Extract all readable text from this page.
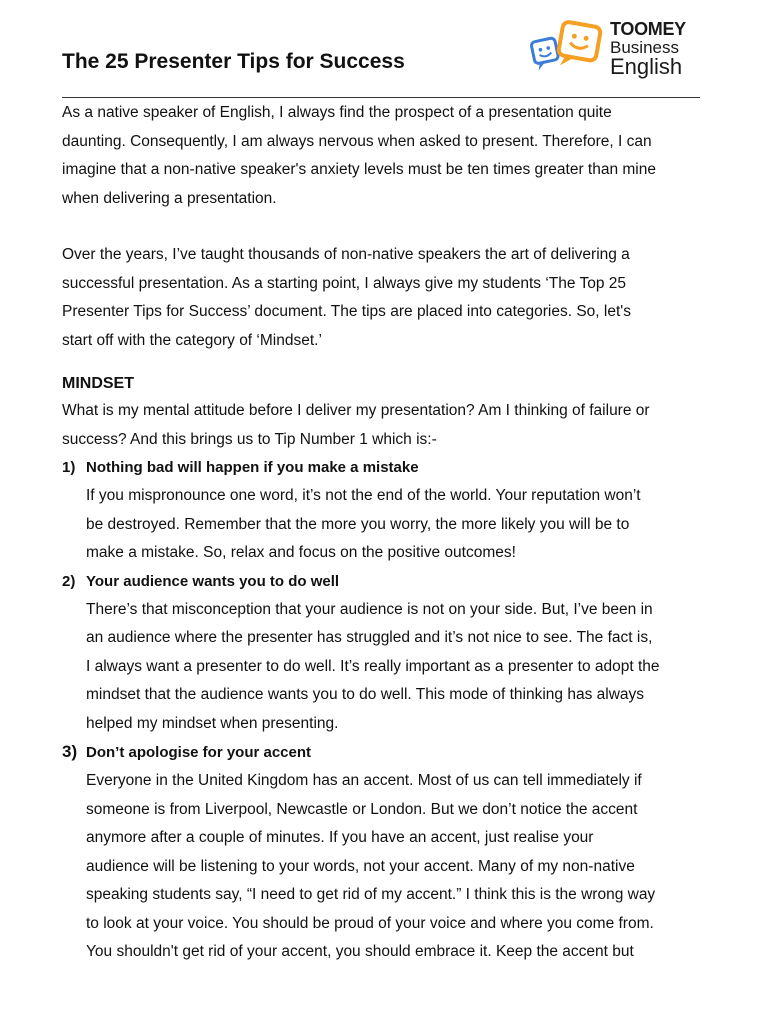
The 25 Presenter Tips for Success
TOOMEY
Business
English

As a native speaker of English, I always find the prospect of a presentation quite

daunting. Consequently, I am always nervous when asked to present. Therefore, I can

imagine that a non-native speaker's anxiety levels must be ten times greater than mine

when delivering a presentation.

Over the years, I’ve taught thousands of non-native speakers the art of delivering a

successful presentation. As a starting point, I always give my students ‘The Top 25

Presenter Tips for Success’ document. The tips are placed into categories. So, let's

start off with the category of ‘Mindset.’

MINDSET

What is my mental attitude before I deliver my presentation? Am I thinking of failure or

success? And this brings us to Tip Number 1 which is:-

1) Nothing bad will happen if you make a mistake

If you mispronounce one word, it’s not the end of the world. Your reputation won’t

be destroyed. Remember that the more you worry, the more likely you will be to

make a mistake. So, relax and focus on the positive outcomes!

2) Your audience wants you to do well

There’s that misconception that your audience is not on your side. But, I’ve been in

an audience where the presenter has struggled and it’s not nice to see. The fact is,

I always want a presenter to do well. It’s really important as a presenter to adopt the

mindset that the audience wants you to do well. This mode of thinking has always

helped my mindset when presenting.

3) Don’t apologise for your accent

Everyone in the United Kingdom has an accent. Most of us can tell immediately if

someone is from Liverpool, Newcastle or London. But we don’t notice the accent

anymore after a couple of minutes. If you have an accent, just realise your

audience will be listening to your words, not your accent. Many of my non-native

speaking students say, “I need to get rid of my accent.” I think this is the wrong way

to look at your voice. You should be proud of your voice and where you come from.

You shouldn't get rid of your accent, you should embrace it. Keep the accent but
